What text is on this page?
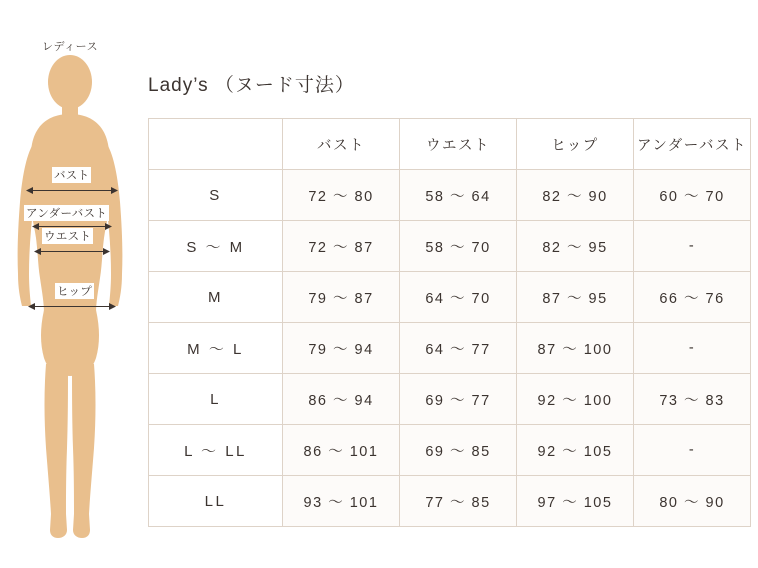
レディース
バスト
アンダーバスト
ウエスト
ヒップ
Lady’s （ヌード寸法）
	バスト	ウエスト	ヒップ	アンダーバスト
S	72 ～ 80	58 ～ 64	82 ～ 90	60 ～ 70
S ～ M	72 ～ 87	58 ～ 70	82 ～ 95	-
M	79 ～ 87	64 ～ 70	87 ～ 95	66 ～ 76
M ～ L	79 ～ 94	64 ～ 77	87 ～ 100	-
L	86 ～ 94	69 ～ 77	92 ～ 100	73 ～ 83
L ～ LL	86 ～ 101	69 ～ 85	92 ～ 105	-
LL	93 ～ 101	77 ～ 85	97 ～ 105	80 ～ 90
